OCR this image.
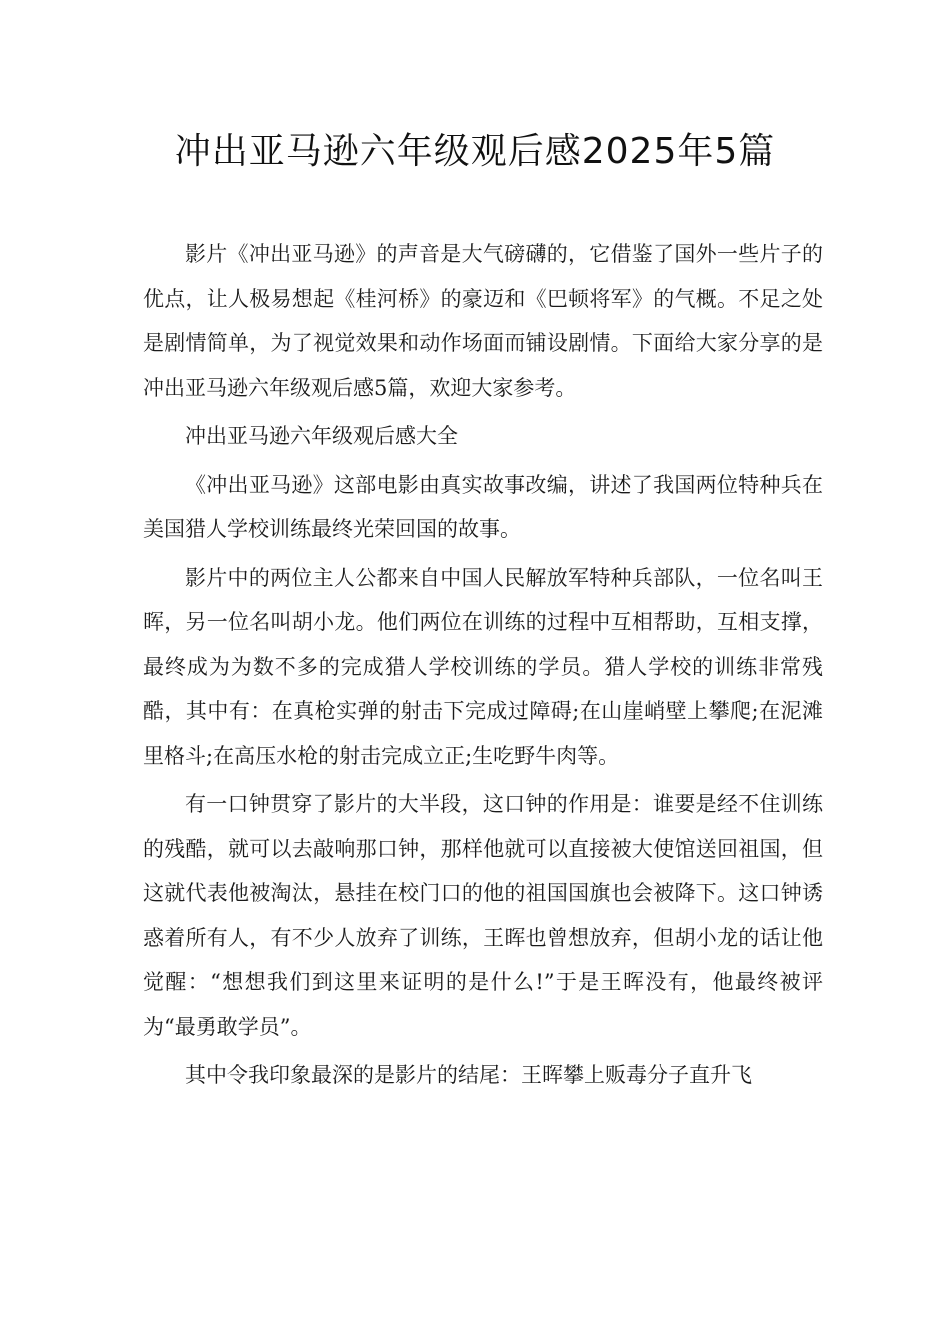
冲出亚马逊六年级观后感2025年5篇

影片《冲出亚马逊》的声音是大气磅礴的，它借鉴了国外一些片子的优点，让人极易想起《桂河桥》的豪迈和《巴顿将军》的气概。不足之处是剧情简单，为了视觉效果和动作场面而铺设剧情。下面给大家分享的是冲出亚马逊六年级观后感5篇，欢迎大家参考。

冲出亚马逊六年级观后感大全

《冲出亚马逊》这部电影由真实故事改编，讲述了我国两位特种兵在美国猎人学校训练最终光荣回国的故事。

影片中的两位主人公都来自中国人民解放军特种兵部队，一位名叫王晖，另一位名叫胡小龙。他们两位在训练的过程中互相帮助，互相支撑，最终成为为数不多的完成猎人学校训练的学员。猎人学校的训练非常残酷，其中有：在真枪实弹的射击下完成过障碍;在山崖峭壁上攀爬;在泥滩里格斗;在高压水枪的射击完成立正;生吃野牛肉等。

有一口钟贯穿了影片的大半段，这口钟的作用是：谁要是经不住训练的残酷，就可以去敲响那口钟，那样他就可以直接被大使馆送回祖国，但这就代表他被淘汰，悬挂在校门口的他的祖国国旗也会被降下。这口钟诱惑着所有人，有不少人放弃了训练，王晖也曾想放弃，但胡小龙的话让他觉醒：“想想我们到这里来证明的是什么!”于是王晖没有，他最终被评为“最勇敢学员”。

其中令我印象最深的是影片的结尾：王晖攀上贩毒分子直升飞
